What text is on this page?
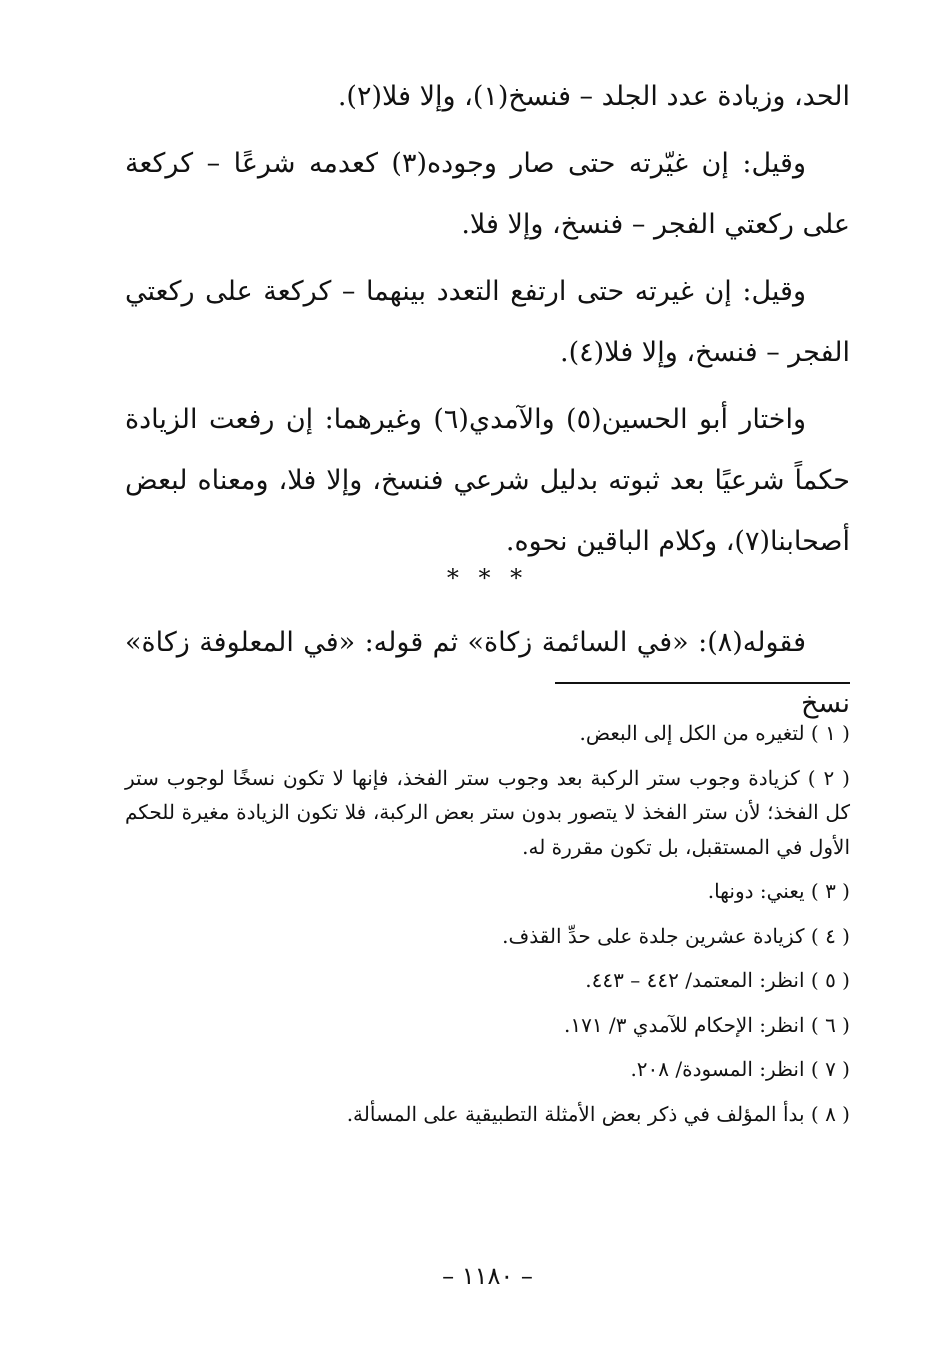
الحد، وزيادة عدد الجلد – فنسخ(١)، وإلا فلا(٢).

وقيل: إن غيّرته حتى صار وجوده(٣) كعدمه شرعًا – كركعة على ركعتي الفجر – فنسخ، وإلا فلا.

وقيل: إن غيرته حتى ارتفع التعدد بينهما – كركعة على ركعتي الفجر – فنسخ، وإلا فلا(٤).

واختار أبو الحسين(٥) والآمدي(٦) وغيرهما: إن رفعت الزيادة حكماً شرعيًا بعد ثبوته بدليل شرعي فنسخ، وإلا فلا، ومعناه لبعض أصحابنا(٧)، وكلام الباقين نحوه.

* * *
فقوله(٨): «في السائمة زكاة» ثم قوله: «في المعلوفة زكاة» نسخ
( ١ ) لتغيره من الكل إلى البعض.
( ٢ ) كزيادة وجوب ستر الركبة بعد وجوب ستر الفخذ، فإنها لا تكون نسخًا لوجوب ستر كل الفخذ؛ لأن ستر الفخذ لا يتصور بدون ستر بعض الركبة، فلا تكون الزيادة مغيرة للحكم الأول في المستقبل، بل تكون مقررة له.
( ٣ ) يعني: دونها.
( ٤ ) كزيادة عشرين جلدة على حدِّ القذف.
( ٥ ) انظر: المعتمد/ ٤٤٢ – ٤٤٣.
( ٦ ) انظر: الإحكام للآمدي ٣/ ١٧١.
( ٧ ) انظر: المسودة/ ٢٠٨.
( ٨ ) بدأ المؤلف في ذكر بعض الأمثلة التطبيقية على المسألة.
– ١١٨٠ –
